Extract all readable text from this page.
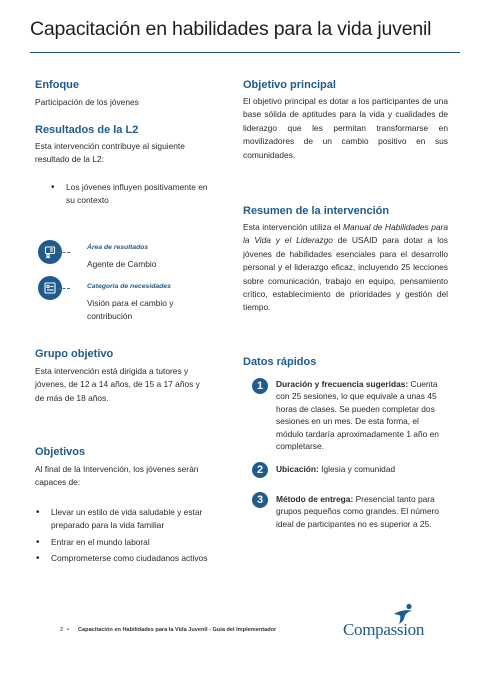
Capacitación en habilidades para la vida juvenil
Enfoque
Participación de los jóvenes
Resultados de la L2
Esta intervención contribuye al siguiente resultado de la L2:
• Los jóvenes influyen positivamente en su contexto
Área de resultados
Agente de Cambio
Categoría de necesidades
Visión para el cambio y contribución
Grupo objetivo
Esta intervención está dirigida a tutores y jóvenes, de 12 a 14 años, de 15 a 17 años y de más de 18 años.
Objetivos
Al final de la Intervención, los jóvenes serán capaces de:
• Llevar un estilo de vida saludable y estar preparado para la vida familiar
• Entrar en el mundo laboral
• Comprometerse como ciudadanos activos
Objetivo principal
El objetivo principal es dotar a los participantes de una base sólida de aptitudes para la vida y cualidades de liderazgo que les permitan transformarse en movilizadores de un cambio positivo en sus comunidades.
Resumen de la intervención
Esta intervención utiliza el Manual de Habilidades para la Vida y el Liderazgo de USAID para dotar a los jóvenes de habilidades esenciales para el desarrollo personal y el liderazgo eficaz, incluyendo 25 lecciones sobre comunicación, trabajo en equipo, pensamiento crítico, establecimiento de prioridades y gestión del tiempo.
Datos rápidos
1	Duración y frecuencia sugeridas: Cuenta con 25 sesiones, lo que equivale a unas 45 horas de clases. Se pueden completar dos sesiones en un mes. De esta forma, el módulo tardaría aproximadamente 1 año en completarse.
2	Ubicación: Iglesia y comunidad
3	Método de entrega: Presencial tanto para grupos pequeños como grandes. El número ideal de participantes no es superior a 25.
2 • Capacitación en Habilidades para la Vida Juvenil - Guía del Implementador	Compassion
